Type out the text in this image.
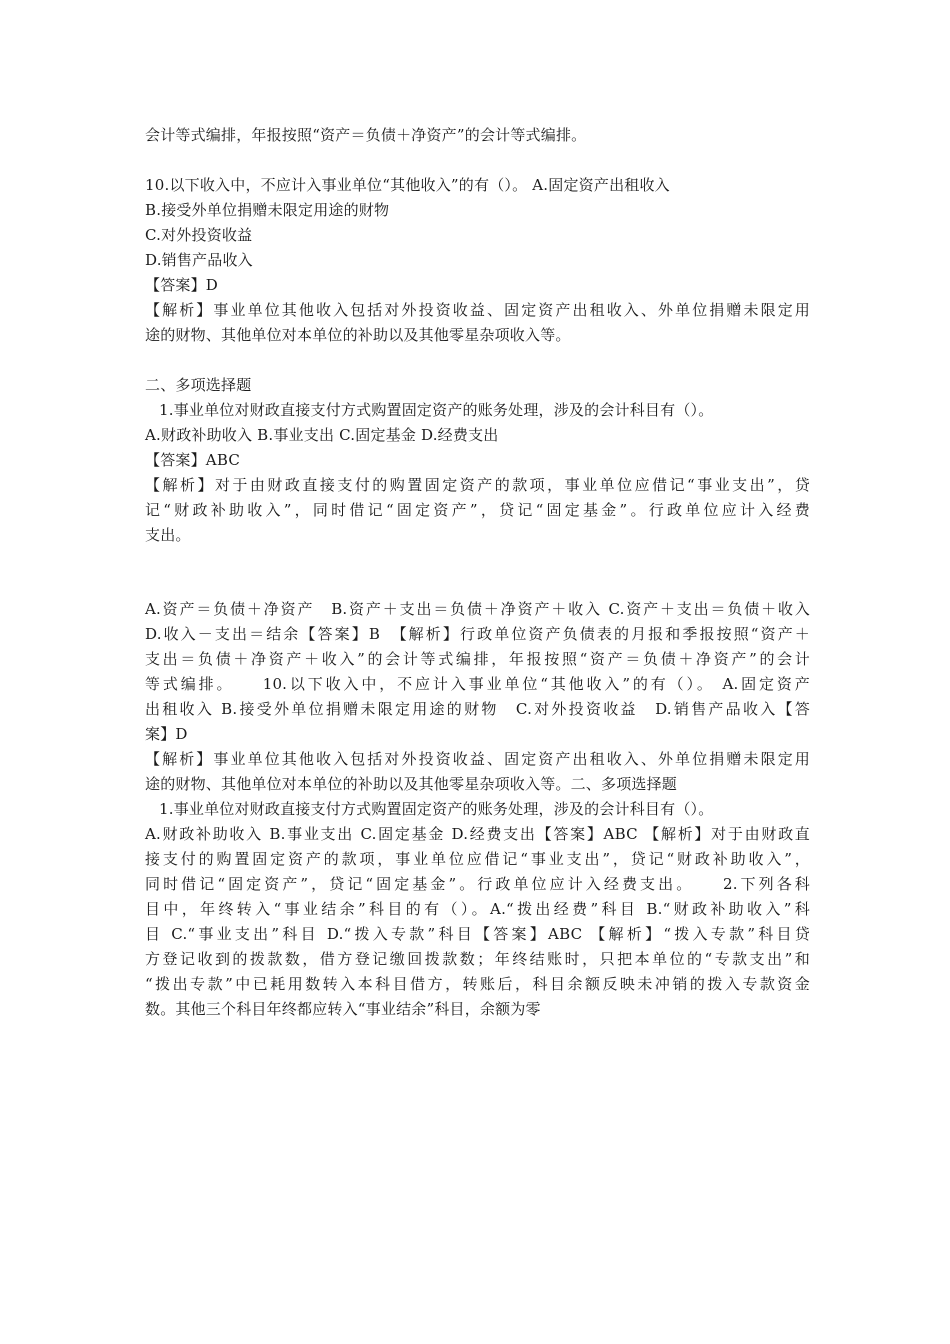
会计等式编排，年报按照“资产＝负债＋净资产”的会计等式编排。
10.以下收入中，不应计入事业单位“其他收入”的有（）。 A.固定资产出租收入
B.接受外单位捐赠未限定用途的财物
C.对外投资收益
D.销售产品收入
【答案】D
【解析】事业单位其他收入包括对外投资收益、固定资产出租收入、外单位捐赠未限定用
途的财物、其他单位对本单位的补助以及其他零星杂项收入等。
二、多项选择题
1.事业单位对财政直接支付方式购置固定资产的账务处理，涉及的会计科目有（）。
A.财政补助收入 B.事业支出 C.固定基金 D.经费支出
【答案】ABC
【解析】对于由财政直接支付的购置固定资产的款项，事业单位应借记“事业支出”，贷
记“财政补助收入”，同时借记“固定资产”，贷记“固定基金”。行政单位应计入经费
支出。
A.资产＝负债＋净资产　B.资产＋支出＝负债＋净资产＋收入 C.资产＋支出＝负债＋收入
D.收入－支出＝结余【答案】B　【解析】行政单位资产负债表的月报和季报按照“资产＋
支出＝负债＋净资产＋收入”的会计等式编排，年报按照“资产＝负债＋净资产”的会计
等式编排。　　10.以下收入中，不应计入事业单位“其他收入”的有（）。 A.固定资产
出租收入 B.接受外单位捐赠未限定用途的财物　C.对外投资收益　D.销售产品收入【答
案】D
【解析】事业单位其他收入包括对外投资收益、固定资产出租收入、外单位捐赠未限定用
途的财物、其他单位对本单位的补助以及其他零星杂项收入等。二、多项选择题
1.事业单位对财政直接支付方式购置固定资产的账务处理，涉及的会计科目有（）。
A.财政补助收入 B.事业支出 C.固定基金 D.经费支出【答案】ABC 【解析】对于由财政直
接支付的购置固定资产的款项，事业单位应借记“事业支出”，贷记“财政补助收入”，
同时借记“固定资产”，贷记“固定基金”。行政单位应计入经费支出。　　2.下列各科
目中，年终转入“事业结余”科目的有（）。A.“拨出经费”科目 B.“财政补助收入”科
目 C.“事业支出”科目 D.“拨入专款”科目【答案】ABC 【解析】“拨入专款”科目贷
方登记收到的拨款数，借方登记缴回拨款数；年终结账时，只把本单位的“专款支出”和
“拨出专款”中已耗用数转入本科目借方，转账后，科目余额反映未冲销的拨入专款资金
数。其他三个科目年终都应转入“事业结余”科目，余额为零
